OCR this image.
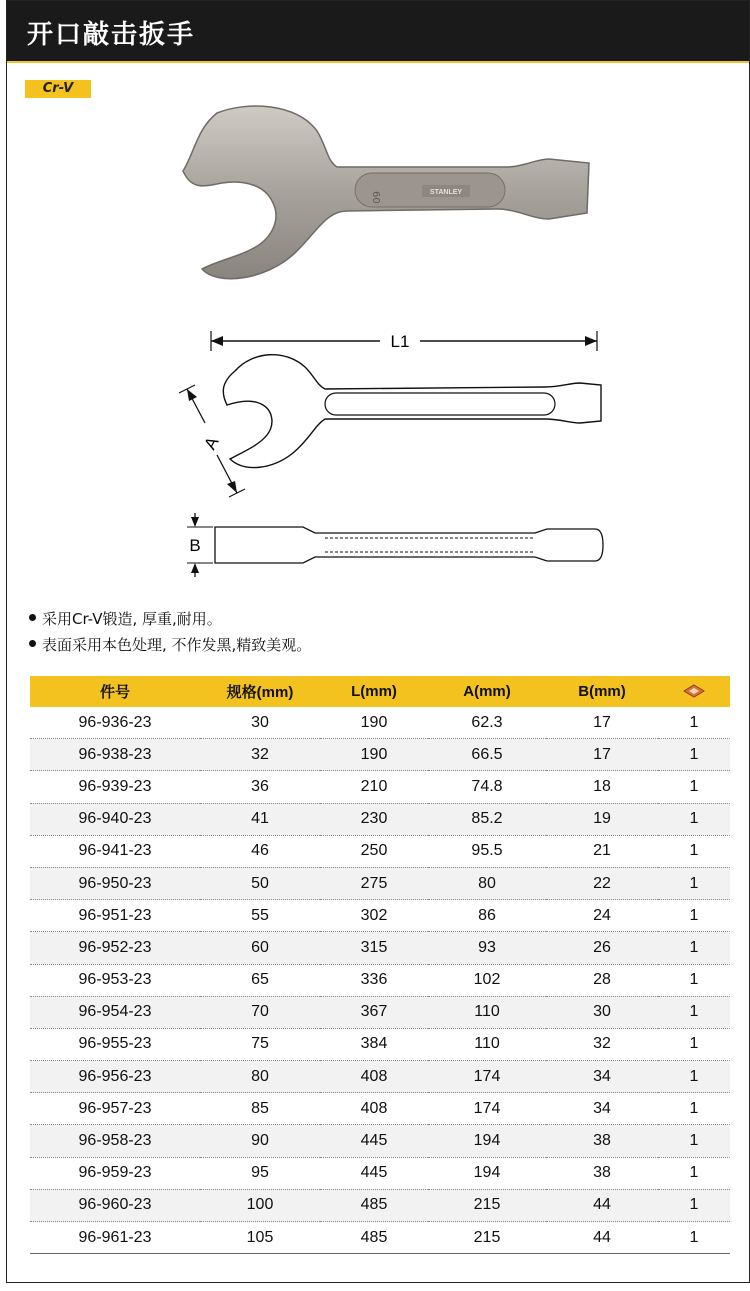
开口敲击扳手
Cr-V
60	STANLEY
L1
A
B
采用Cr-V锻造, 厚重,耐用。
表面采用本色处理, 不作发黑,精致美观。
件号	规格(mm)	L(mm)	A(mm)	B(mm)	
96-936-23	30	190	62.3	17	1
96-938-23	32	190	66.5	17	1
96-939-23	36	210	74.8	18	1
96-940-23	41	230	85.2	19	1
96-941-23	46	250	95.5	21	1
96-950-23	50	275	80	22	1
96-951-23	55	302	86	24	1
96-952-23	60	315	93	26	1
96-953-23	65	336	102	28	1
96-954-23	70	367	110	30	1
96-955-23	75	384	110	32	1
96-956-23	80	408	174	34	1
96-957-23	85	408	174	34	1
96-958-23	90	445	194	38	1
96-959-23	95	445	194	38	1
96-960-23	100	485	215	44	1
96-961-23	105	485	215	44	1
